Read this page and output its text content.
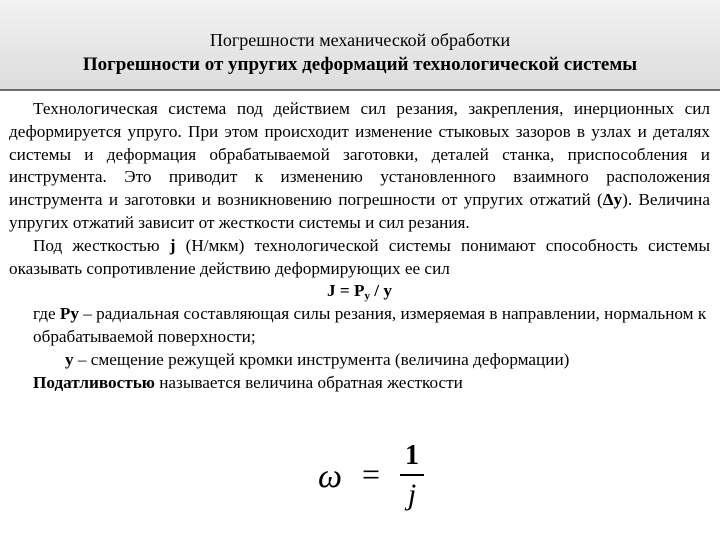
Погрешности механической обработки
Погрешности от упругих деформаций технологической системы

Технологическая система под действием сил резания, закрепления, инерционных сил деформируется упруго. При этом происходит изменение стыковых зазоров в узлах и деталях системы и деформация обрабатываемой заготовки, деталей станка, приспособления и инструмента. Это приводит к изменению установленного взаимного расположения инструмента и заготовки и возникновению погрешности от упругих отжатий (Δy). Величина упругих отжатий зависит от жесткости системы и сил резания.

Под жесткостью j (Н/мкм) технологической системы понимают способность системы оказывать сопротивление действию деформирующих ее сил

$J = P_y / y$

где Py – радиальная составляющая силы резания, измеряемая в направлении, нормальном к обрабатываемой поверхности;

y – смещение режущей кромки инструмента (величина деформации)

Податливостью называется величина обратная жесткости

ω =
1
j
